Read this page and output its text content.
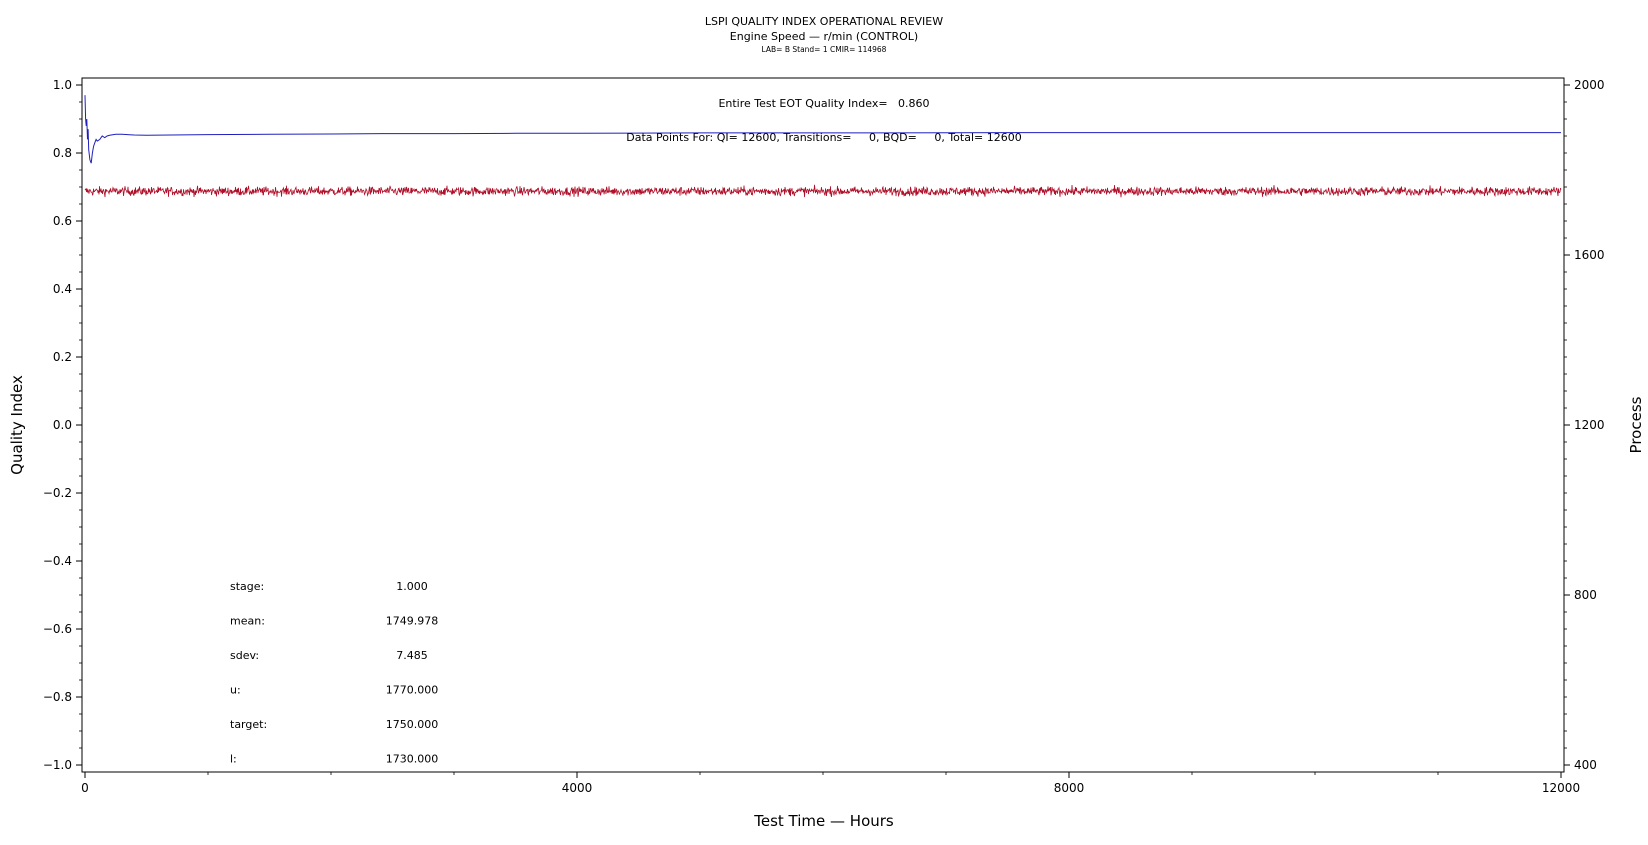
LSPI QUALITY INDEX OPERATIONAL REVIEW
Engine Speed — r/min (CONTROL)
LAB= B Stand= 1 CMIR= 114968
1.0
0.8
0.6
0.4
0.2
0.0
−0.2
−0.4
−0.6
−0.8
−1.0
2000
1600
1200
800
400
0	4000	8000	12000
Quality Index	Process
Test Time — Hours
Entire Test EOT Quality Index=   0.860
Data Points For: QI= 12600, Transitions=     0, BQD=     0, Total= 12600
stage:	1.000
mean:	1749.978
sdev:	7.485
u:	1770.000
target:	1750.000
l:	1730.000
